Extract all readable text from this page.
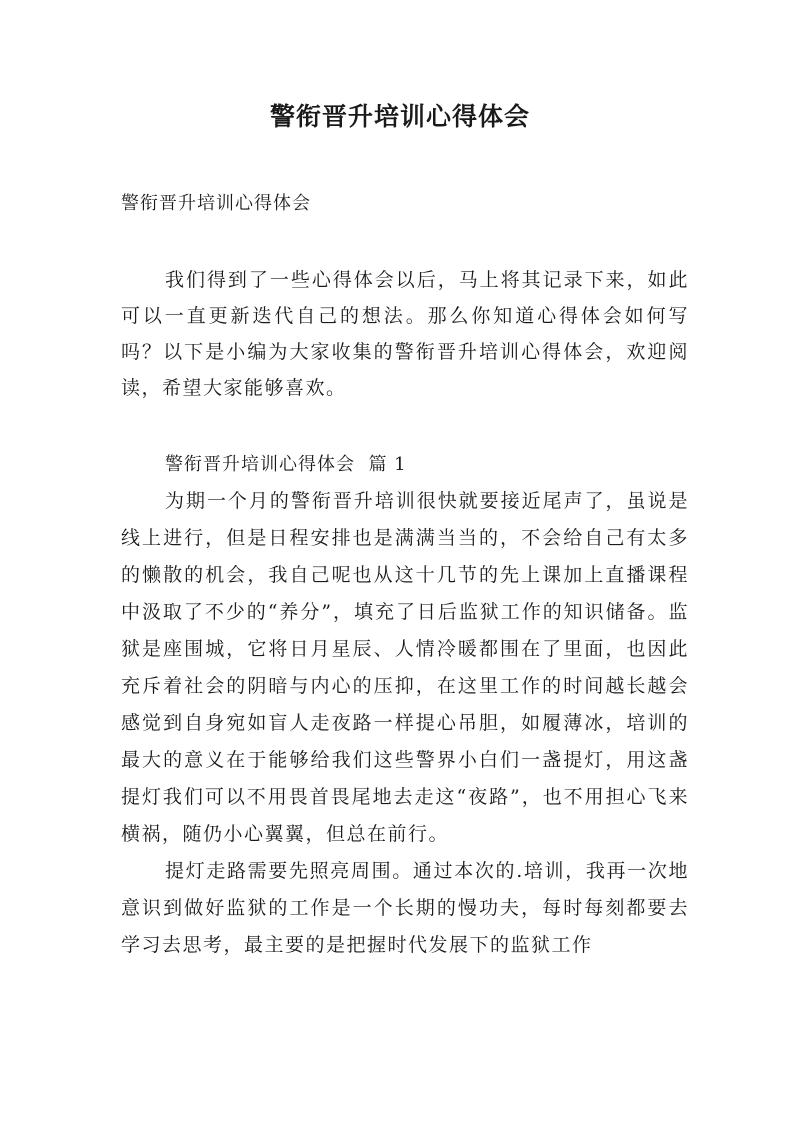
警衔晋升培训心得体会
警衔晋升培训心得体会

我们得到了一些心得体会以后，马上将其记录下来，如此可以一直更新迭代自己的想法。那么你知道心得体会如何写吗？以下是小编为大家收集的警衔晋升培训心得体会，欢迎阅读，希望大家能够喜欢。

警衔晋升培训心得体会  篇 1

为期一个月的警衔晋升培训很快就要接近尾声了，虽说是线上进行，但是日程安排也是满满当当的，不会给自己有太多的懒散的机会，我自己呢也从这十几节的先上课加上直播课程中汲取了不少的“养分”，填充了日后监狱工作的知识储备。监狱是座围城，它将日月星辰、人情冷暖都围在了里面，也因此充斥着社会的阴暗与内心的压抑，在这里工作的时间越长越会感觉到自身宛如盲人走夜路一样提心吊胆，如履薄冰，培训的最大的意义在于能够给我们这些警界小白们一盏提灯，用这盏提灯我们可以不用畏首畏尾地去走这“夜路”，也不用担心飞来横祸，随仍小心翼翼，但总在前行。

提灯走路需要先照亮周围。通过本次的.培训，我再一次地意识到做好监狱的工作是一个长期的慢功夫，每时每刻都要去学习去思考，最主要的是把握时代发展下的监狱工作
